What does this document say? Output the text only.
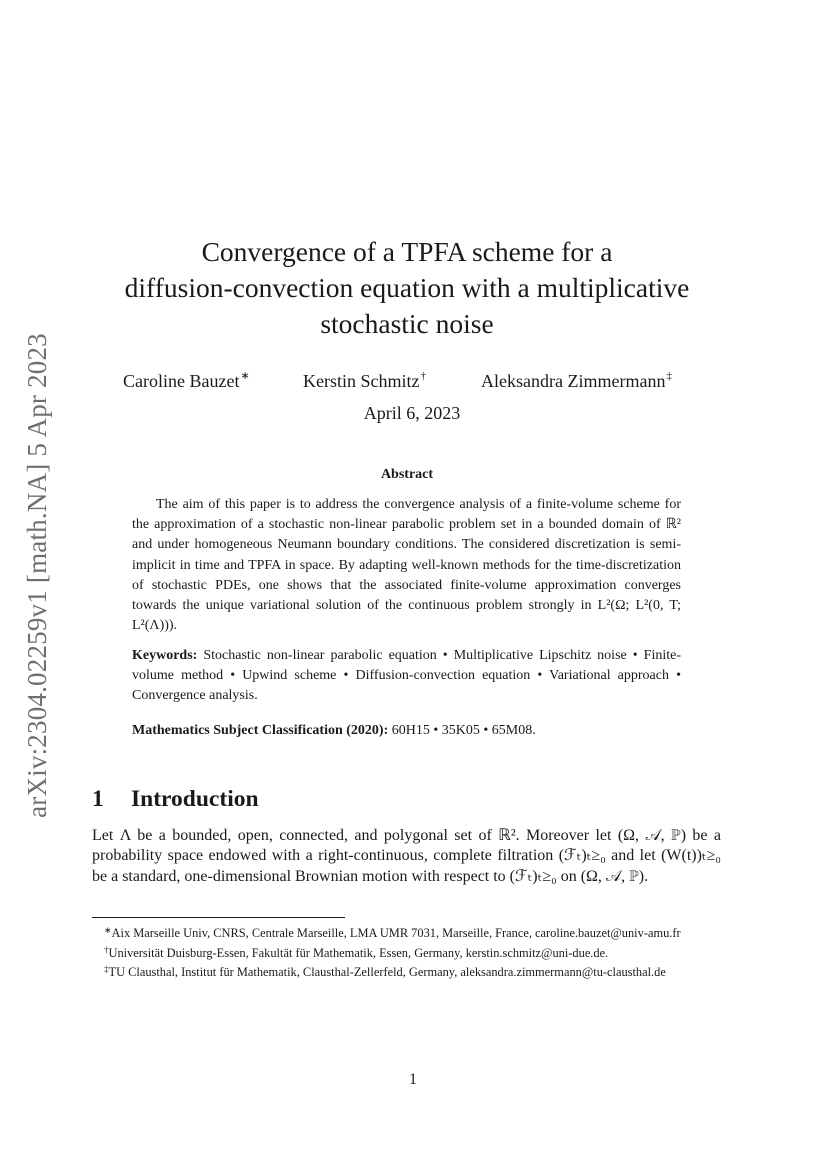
arXiv:2304.02259v1 [math.NA] 5 Apr 2023
Convergence of a TPFA scheme for a
diffusion-convection equation with a multiplicative
stochastic noise
Caroline Bauzet∗	Kerstin Schmitz†	Aleksandra Zimmermann‡
April 6, 2023
Abstract

The aim of this paper is to address the convergence analysis of a finite-volume scheme for the approximation of a stochastic non-linear parabolic problem set in a bounded domain of ℝ² and under homogeneous Neumann boundary conditions. The considered discretization is semi-implicit in time and TPFA in space. By adapting well-known methods for the time-discretization of stochastic PDEs, one shows that the associated finite-volume approximation converges towards the unique variational solution of the continuous problem strongly in L²(Ω; L²(0, T; L²(Λ))).

Keywords: Stochastic non-linear parabolic equation • Multiplicative Lipschitz noise • Finite-volume method • Upwind scheme • Diffusion-convection equation • Variational approach • Convergence analysis.

Mathematics Subject Classification (2020): 60H15 • 35K05 • 65M08.

1 Introduction

Let Λ be a bounded, open, connected, and polygonal set of ℝ². Moreover let (Ω, 𝒜, ℙ) be a probability space endowed with a right-continuous, complete filtration (ℱₜ)ₜ≥₀ and let (W(t))ₜ≥₀ be a standard, one-dimensional Brownian motion with respect to (ℱₜ)ₜ≥₀ on (Ω, 𝒜, ℙ).

∗Aix Marseille Univ, CNRS, Centrale Marseille, LMA UMR 7031, Marseille, France, caroline.bauzet@univ-amu.fr

†Universität Duisburg-Essen, Fakultät für Mathematik, Essen, Germany, kerstin.schmitz@uni-due.de.

‡TU Clausthal, Institut für Mathematik, Clausthal-Zellerfeld, Germany, aleksandra.zimmermann@tu-clausthal.de

1
